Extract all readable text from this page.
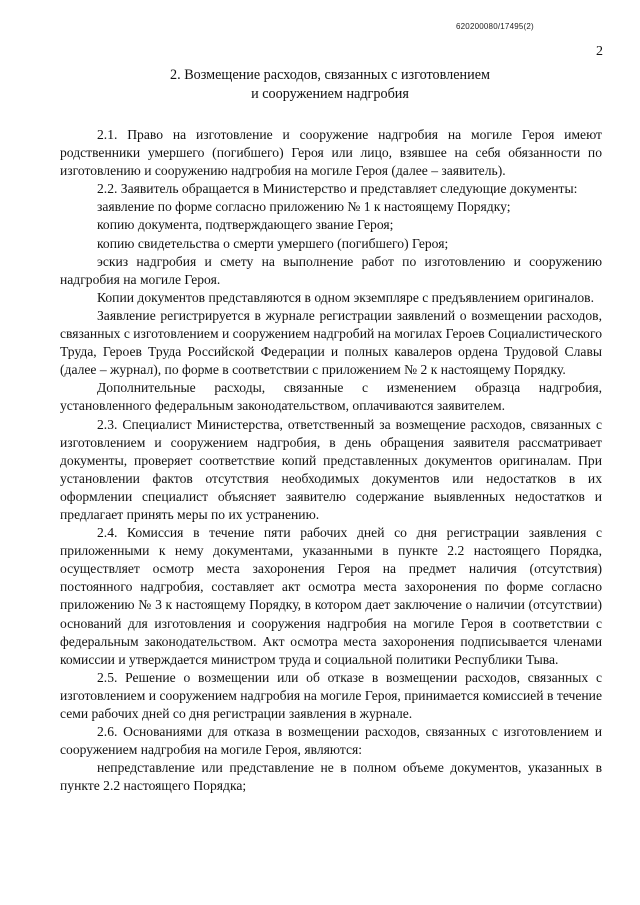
620200080/17495(2)
2
2. Возмещение расходов, связанных с изготовлением
и сооружением надгробия

2.1. Право на изготовление и сооружение надгробия на могиле Героя имеют родственники умершего (погибшего) Героя или лицо, взявшее на себя обязанности по изготовлению и сооружению надгробия на могиле Героя (далее – заявитель).

2.2. Заявитель обращается в Министерство и представляет следующие документы:

заявление по форме согласно приложению № 1 к настоящему Порядку;

копию документа, подтверждающего звание Героя;

копию свидетельства о смерти умершего (погибшего) Героя;

эскиз надгробия и смету на выполнение работ по изготовлению и сооружению надгробия на могиле Героя.

Копии документов представляются в одном экземпляре с предъявлением оригиналов.

Заявление регистрируется в журнале регистрации заявлений о возмещении расходов, связанных с изготовлением и сооружением надгробий на могилах Героев Социалистического Труда, Героев Труда Российской Федерации и полных кавалеров ордена Трудовой Славы (далее – журнал), по форме в соответствии с приложением № 2 к настоящему Порядку.

Дополнительные расходы, связанные с изменением образца надгробия, установленного федеральным законодательством, оплачиваются заявителем.

2.3. Специалист Министерства, ответственный за возмещение расходов, связанных с изготовлением и сооружением надгробия, в день обращения заявителя рассматривает документы, проверяет соответствие копий представленных документов оригиналам. При установлении фактов отсутствия необходимых документов или недостатков в их оформлении специалист объясняет заявителю содержание выявленных недостатков и предлагает принять меры по их устранению.

2.4. Комиссия в течение пяти рабочих дней со дня регистрации заявления с приложенными к нему документами, указанными в пункте 2.2 настоящего Порядка, осуществляет осмотр места захоронения Героя на предмет наличия (отсутствия) постоянного надгробия, составляет акт осмотра места захоронения по форме согласно приложению № 3 к настоящему Порядку, в котором дает заключение о наличии (отсутствии) оснований для изготовления и сооружения надгробия на могиле Героя в соответствии с федеральным законодательством. Акт осмотра места захоронения подписывается членами комиссии и утверждается министром труда и социальной политики Республики Тыва.

2.5. Решение о возмещении или об отказе в возмещении расходов, связанных с изготовлением и сооружением надгробия на могиле Героя, принимается комиссией в течение семи рабочих дней со дня регистрации заявления в журнале.

2.6. Основаниями для отказа в возмещении расходов, связанных с изготовлением и сооружением надгробия на могиле Героя, являются:

непредставление или представление не в полном объеме документов, указанных в пункте 2.2 настоящего Порядка;
